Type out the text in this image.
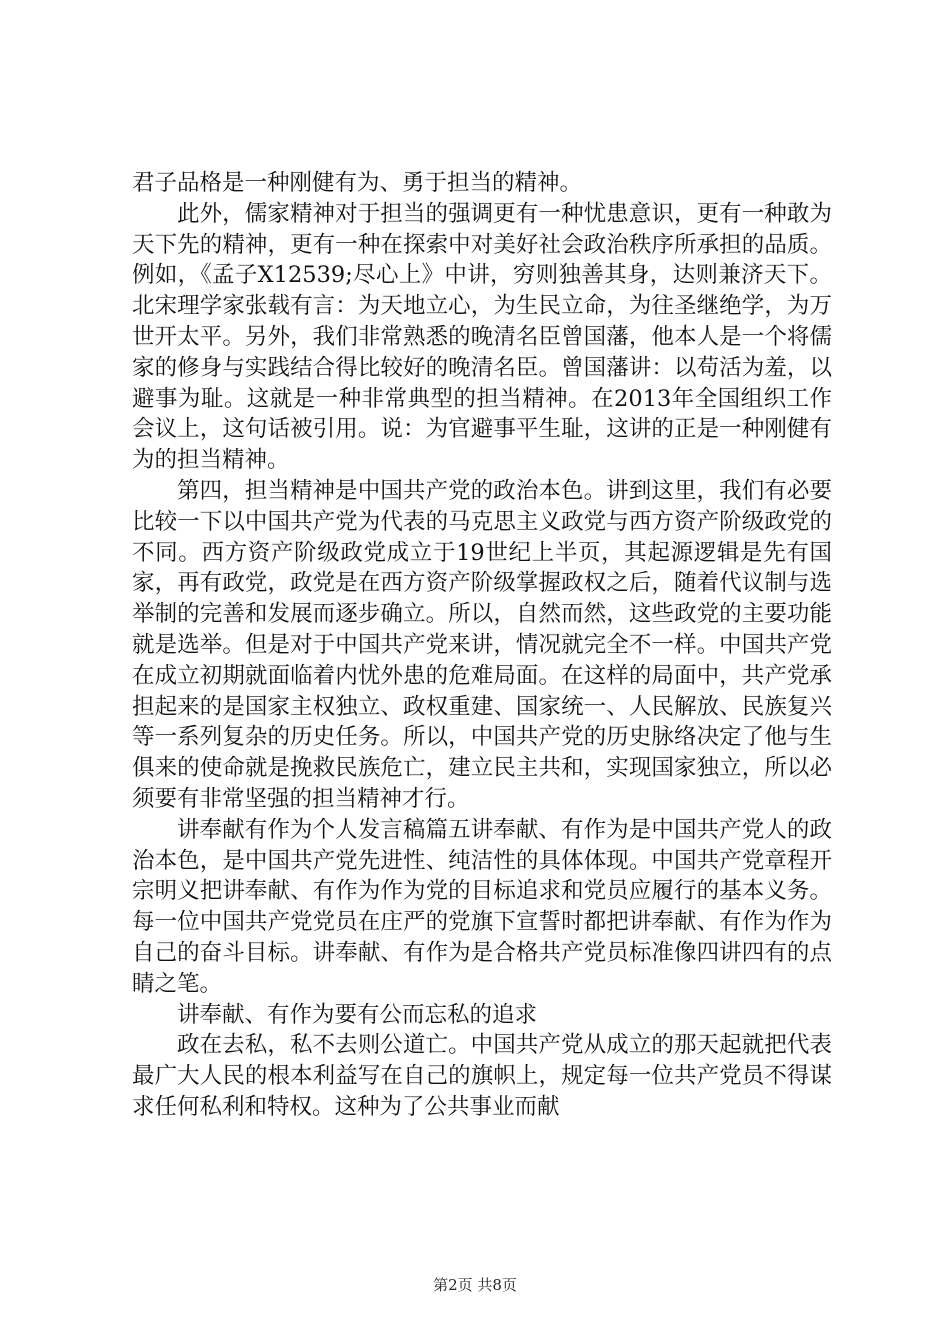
君子品格是一种刚健有为、勇于担当的精神。

此外，儒家精神对于担当的强调更有一种忧患意识，更有一种敢为天下先的精神，更有一种在探索中对美好社会政治秩序所承担的品质。例如，《孟子X12539;尽心上》中讲，穷则独善其身，达则兼济天下。北宋理学家张载有言：为天地立心，为生民立命，为往圣继绝学，为万世开太平。另外，我们非常熟悉的晚清名臣曾国藩，他本人是一个将儒家的修身与实践结合得比较好的晚清名臣。曾国藩讲：以苟活为羞，以避事为耻。这就是一种非常典型的担当精神。在2013年全国组织工作会议上，这句话被引用。说：为官避事平生耻，这讲的正是一种刚健有为的担当精神。

第四，担当精神是中国共产党的政治本色。讲到这里，我们有必要比较一下以中国共产党为代表的马克思主义政党与西方资产阶级政党的不同。西方资产阶级政党成立于19世纪上半页，其起源逻辑是先有国家，再有政党，政党是在西方资产阶级掌握政权之后，随着代议制与选举制的完善和发展而逐步确立。所以，自然而然，这些政党的主要功能就是选举。但是对于中国共产党来讲，情况就完全不一样。中国共产党在成立初期就面临着内忧外患的危难局面。在这样的局面中，共产党承担起来的是国家主权独立、政权重建、国家统一、人民解放、民族复兴等一系列复杂的历史任务。所以，中国共产党的历史脉络决定了他与生俱来的使命就是挽救民族危亡，建立民主共和，实现国家独立，所以必须要有非常坚强的担当精神才行。

讲奉献有作为个人发言稿篇五讲奉献、有作为是中国共产党人的政治本色，是中国共产党先进性、纯洁性的具体体现。中国共产党章程开宗明义把讲奉献、有作为作为党的目标追求和党员应履行的基本义务。每一位中国共产党党员在庄严的党旗下宣誓时都把讲奉献、有作为作为自己的奋斗目标。讲奉献、有作为是合格共产党员标准像四讲四有的点睛之笔。

讲奉献、有作为要有公而忘私的追求

政在去私，私不去则公道亡。中国共产党从成立的那天起就把代表最广大人民的根本利益写在自己的旗帜上，规定每一位共产党员不得谋求任何私利和特权。这种为了公共事业而献

第2页 共8页
